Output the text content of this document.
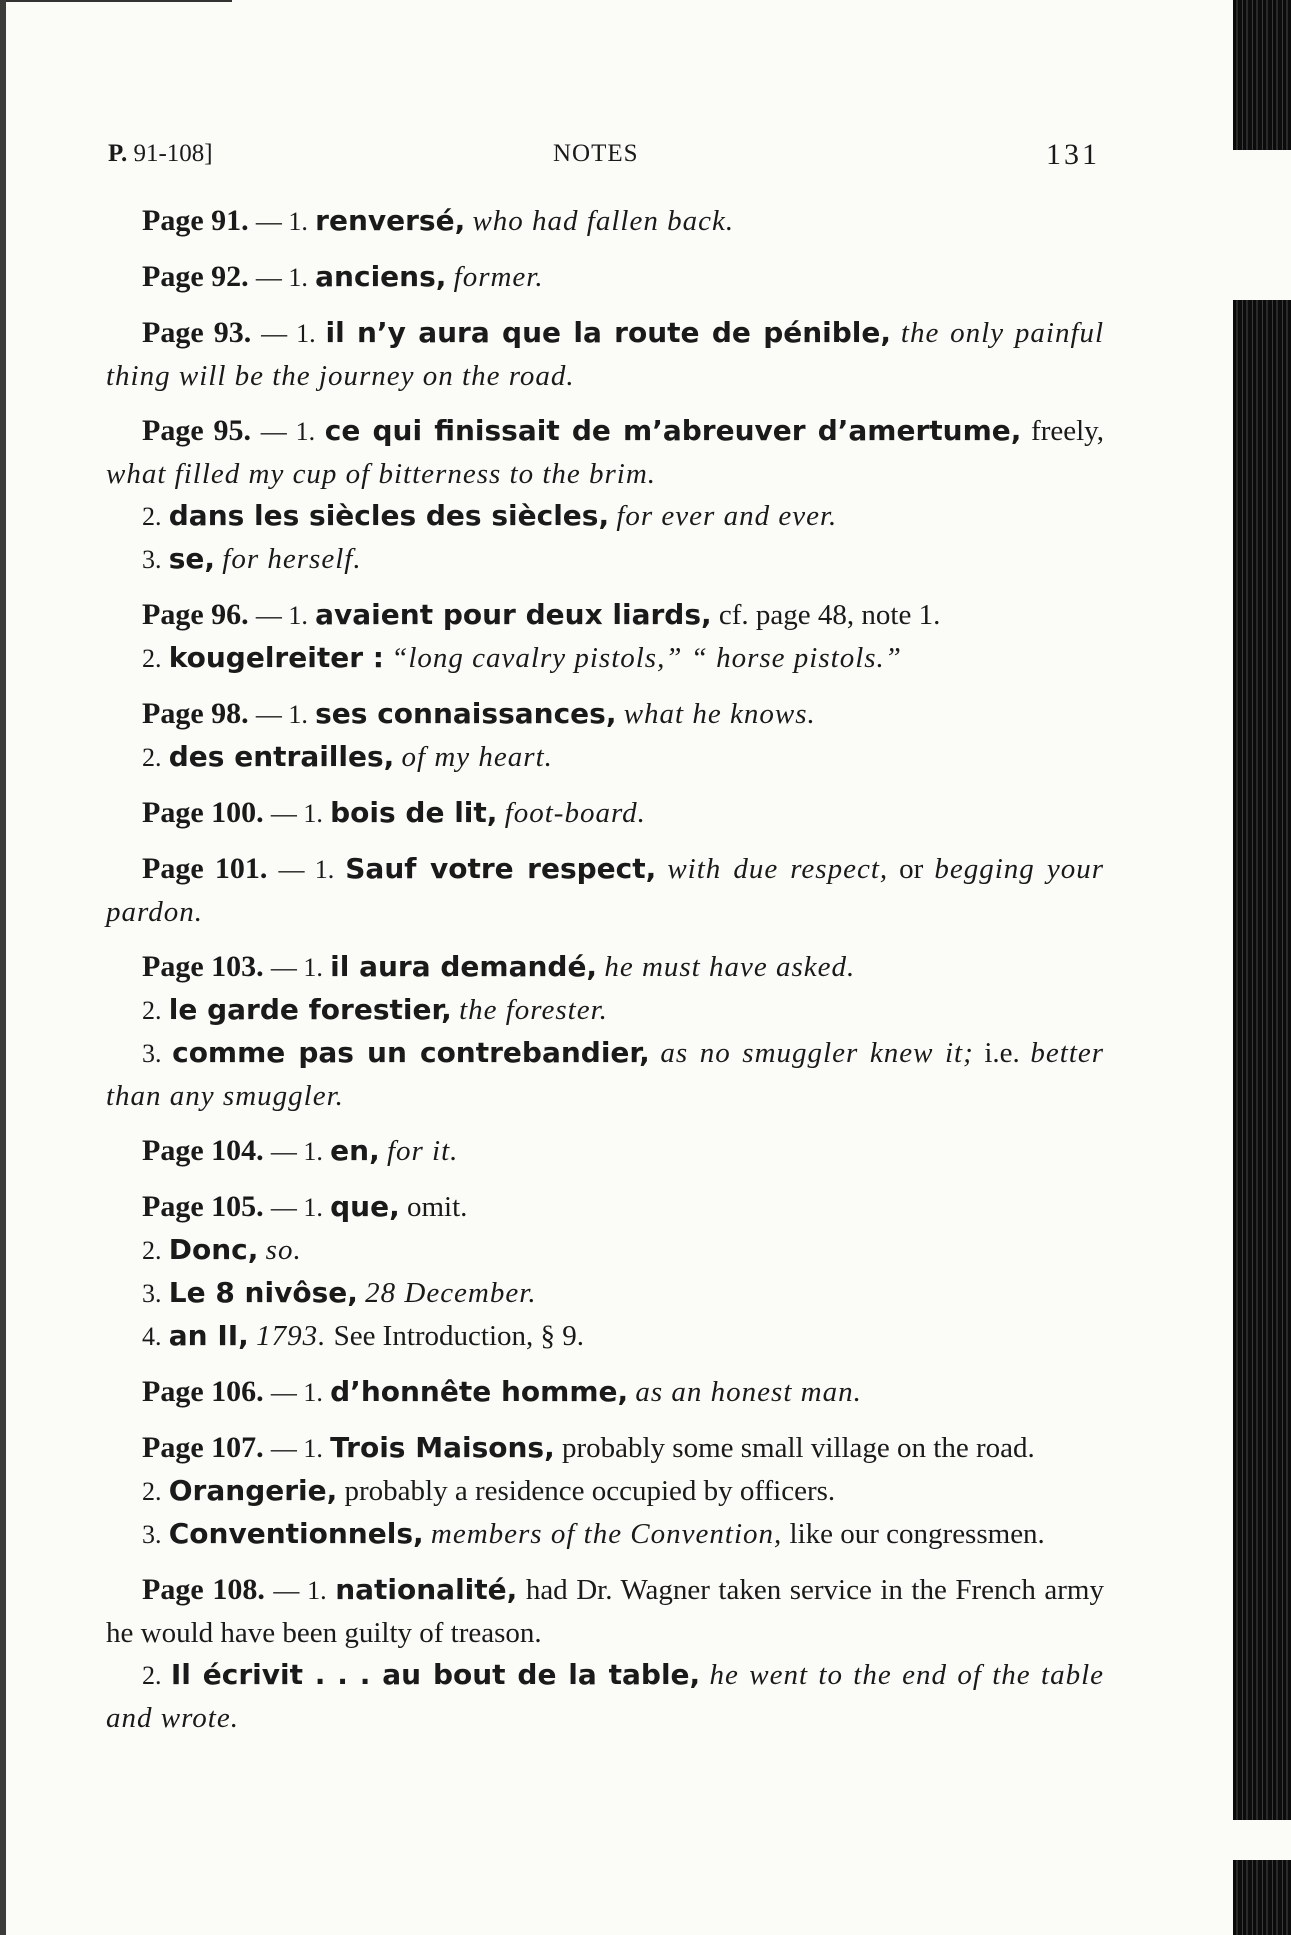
P. 91-108]	NOTES	131
Page 91. — 1. renversé, who had fallen back.
Page 92. — 1. anciens, former.
Page 93. — 1. il n’y aura que la route de pénible, the only painful thing will be the journey on the road.
Page 95. — 1. ce qui finissait de m’abreuver d’amertume, freely, what filled my cup of bitterness to the brim.
2. dans les siècles des siècles, for ever and ever.
3. se, for herself.
Page 96. — 1. avaient pour deux liards, cf. page 48, note 1.
2. kougelreiter : “long cavalry pistols,” “ horse pistols.”
Page 98. — 1. ses connaissances, what he knows.
2. des entrailles, of my heart.
Page 100. — 1. bois de lit, foot-board.
Page 101. — 1. Sauf votre respect, with due respect, or begging your pardon.
Page 103. — 1. il aura demandé, he must have asked.
2. le garde forestier, the forester.
3. comme pas un contrebandier, as no smuggler knew it; i.e. better than any smuggler.
Page 104. — 1. en, for it.
Page 105. — 1. que, omit.
2. Donc, so.
3. Le 8 nivôse, 28 December.
4. an II, 1793. See Introduction, § 9.
Page 106. — 1. d’honnête homme, as an honest man.
Page 107. — 1. Trois Maisons, probably some small village on the road.
2. Orangerie, probably a residence occupied by officers.
3. Conventionnels, members of the Convention, like our congressmen.
Page 108. — 1. nationalité, had Dr. Wagner taken service in the French army he would have been guilty of treason.
2. Il écrivit . . . au bout de la table, he went to the end of the table and wrote.
